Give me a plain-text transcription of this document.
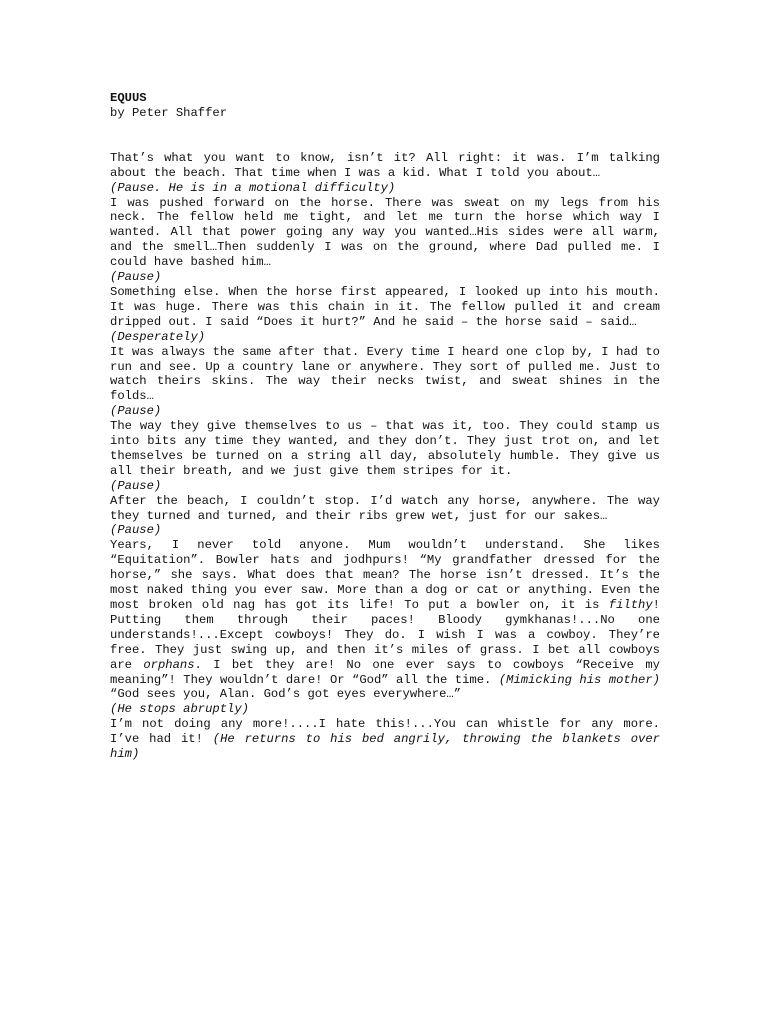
EQUUS
by Peter Shaffer
That’s what you want to know, isn’t it? All right: it was. I’m talking about the beach. That time when I was a kid. What I told you about…
(Pause. He is in a motional difficulty)
I was pushed forward on the horse. There was sweat on my legs from his neck. The fellow held me tight, and let me turn the horse which way I wanted. All that power going any way you wanted…His sides were all warm, and the smell…Then suddenly I was on the ground, where Dad pulled me. I could have bashed him…
(Pause)
Something else. When the horse first appeared, I looked up into his mouth. It was huge. There was this chain in it. The fellow pulled it and cream dripped out. I said “Does it hurt?” And he said – the horse said – said…
(Desperately)
It was always the same after that. Every time I heard one clop by, I had to run and see. Up a country lane or anywhere. They sort of pulled me. Just to watch theirs skins. The way their necks twist, and sweat shines in the folds…
(Pause)
The way they give themselves to us – that was it, too. They could stamp us into bits any time they wanted, and they don’t. They just trot on, and let themselves be turned on a string all day, absolutely humble. They give us all their breath, and we just give them stripes for it.
(Pause)
After the beach, I couldn’t stop. I’d watch any horse, anywhere. The way they turned and turned, and their ribs grew wet, just for our sakes…
(Pause)
Years, I never told anyone. Mum wouldn’t understand. She likes “Equitation”. Bowler hats and jodhpurs! “My grandfather dressed for the horse,” she says. What does that mean? The horse isn’t dressed. It’s the most naked thing you ever saw. More than a dog or cat or anything. Even the most broken old nag has got its life! To put a bowler on, it is filthy! Putting them through their paces! Bloody gymkhanas!...No one understands!...Except cowboys! They do. I wish I was a cowboy. They’re free. They just swing up, and then it’s miles of grass. I bet all cowboys are orphans. I bet they are! No one ever says to cowboys “Receive my meaning”! They wouldn’t dare! Or “God” all the time. (Mimicking his mother) “God sees you, Alan. God’s got eyes everywhere…”
(He stops abruptly)
I’m not doing any more!....I hate this!...You can whistle for any more. I’ve had it! (He returns to his bed angrily, throwing the blankets over him)
